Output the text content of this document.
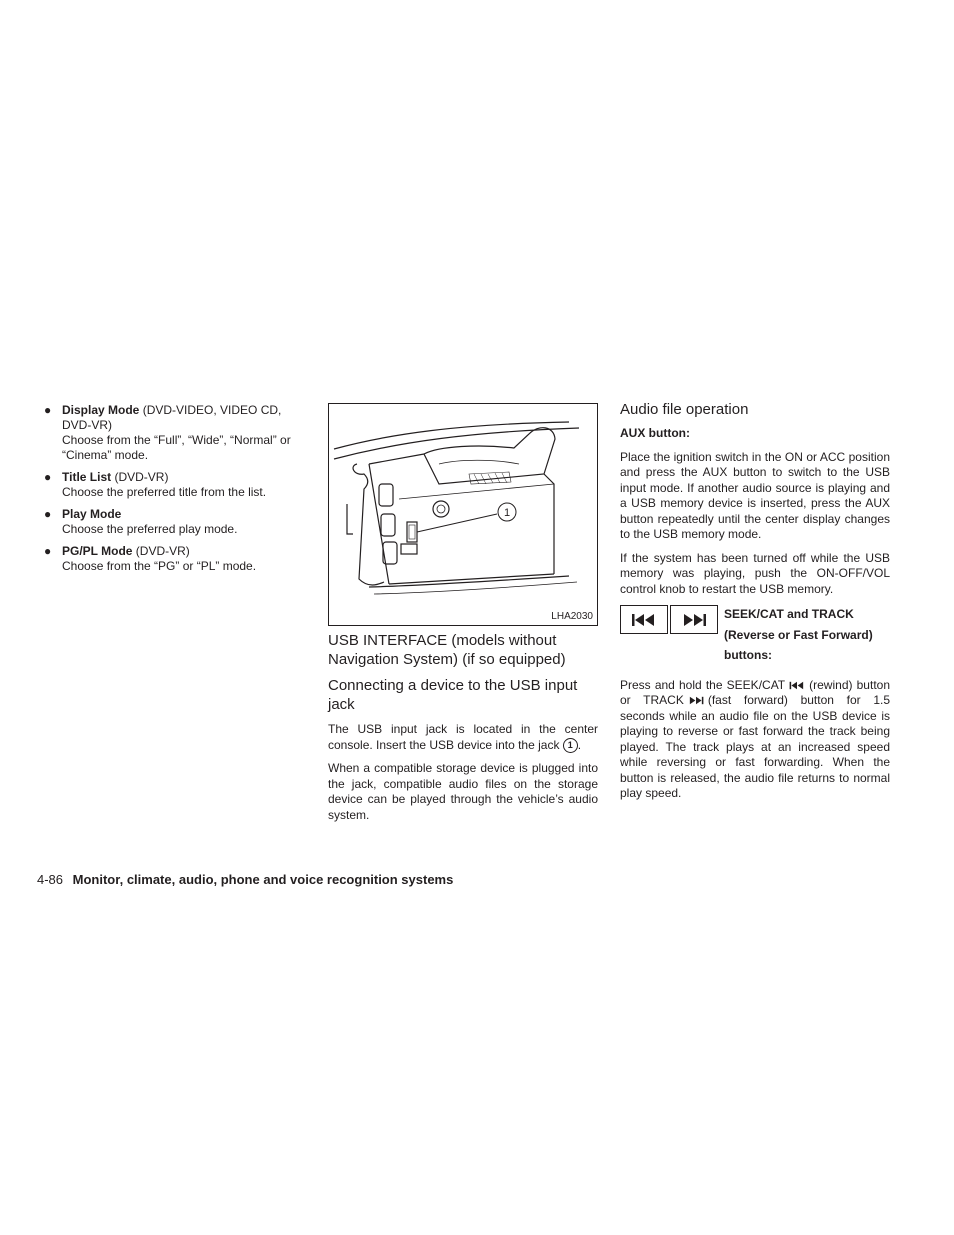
● Display Mode (DVD-VIDEO, VIDEO CD, DVD-VR)
Choose from the “Full”, “Wide”, “Normal” or “Cinema” mode.
● Title List (DVD-VR)
Choose the preferred title from the list.
● Play Mode
Choose the preferred play mode.
● PG/PL Mode (DVD-VR)
Choose from the “PG” or “PL” mode.
1
LHA2030
USB INTERFACE (models without Navigation System) (if so equipped)
Connecting a device to the USB input jack

The USB input jack is located in the center console. Insert the USB device into the jack 1 .

When a compatible storage device is plugged into the jack, compatible audio files on the storage device can be played through the vehicle’s audio system.

Audio file operation
AUX button:

Place the ignition switch in the ON or ACC position and press the AUX button to switch to the USB input mode. If another audio source is playing and a USB memory device is inserted, press the AUX button repeatedly until the center display changes to the USB memory mode.

If the system has been turned off while the USB memory was playing, push the ON-OFF/VOL control knob to restart the USB memory.

SEEK/CAT and TRACK
(Reverse or Fast Forward)
buttons:

Press and hold the SEEK/CAT (rewind) button or TRACK (fast forward) button for 1.5 seconds while an audio file on the USB device is playing to reverse or fast forward the track being played. The track plays at an increased speed while reversing or fast forwarding. When the button is released, the audio file returns to normal play speed.

4-86 Monitor, climate, audio, phone and voice recognition systems
